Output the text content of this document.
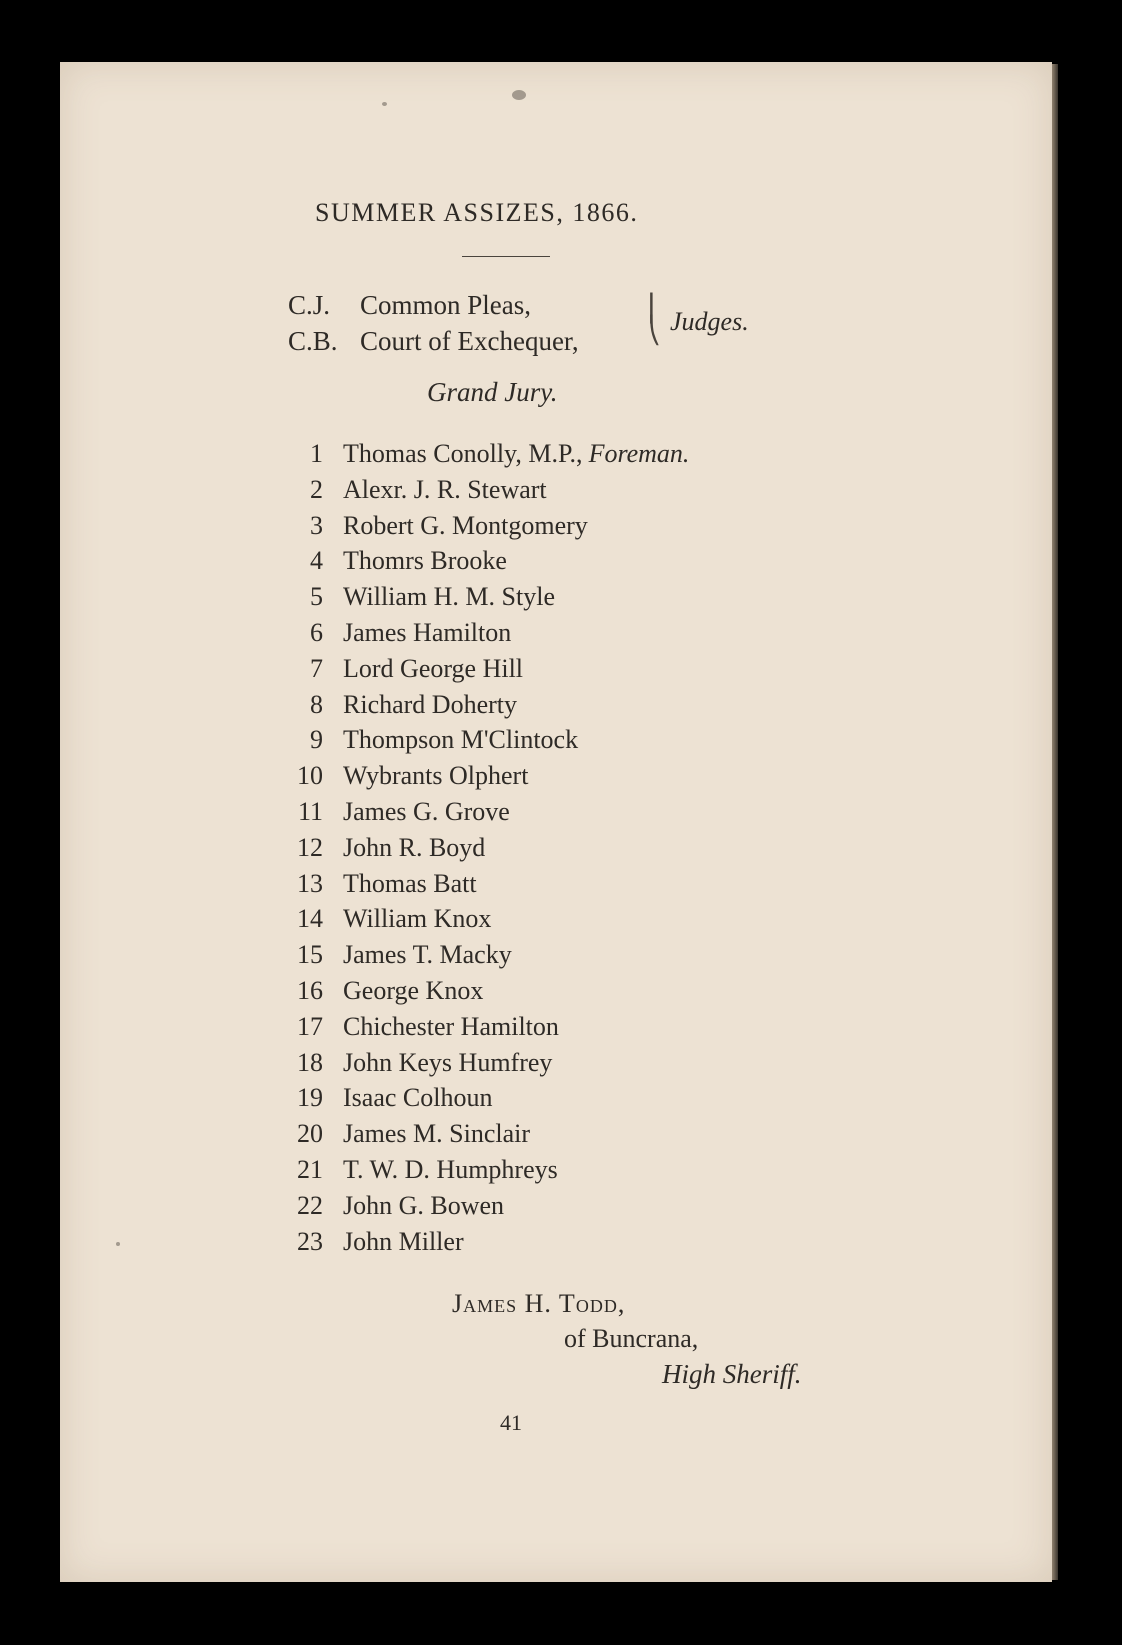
SUMMER ASSIZES, 1866.
C.J. Common Pleas,
C.B. Court of Exchequer,
⎜
⎝ Judges.
Grand Jury.
1 Thomas Conolly, M.P., Foreman.
2 Alexr. J. R. Stewart
3 Robert G. Montgomery
4 Thomrs Brooke
5 William H. M. Style
6 James Hamilton
7 Lord George Hill
8 Richard Doherty
9 Thompson M'Clintock
10 Wybrants Olphert
11 James G. Grove
12 John R. Boyd
13 Thomas Batt
14 William Knox
15 James T. Macky
16 George Knox
17 Chichester Hamilton
18 John Keys Humfrey
19 Isaac Colhoun
20 James M. Sinclair
21 T. W. D. Humphreys
22 John G. Bowen
23 John Miller
James H. Todd,
of Buncrana,
High Sheriff.
41
